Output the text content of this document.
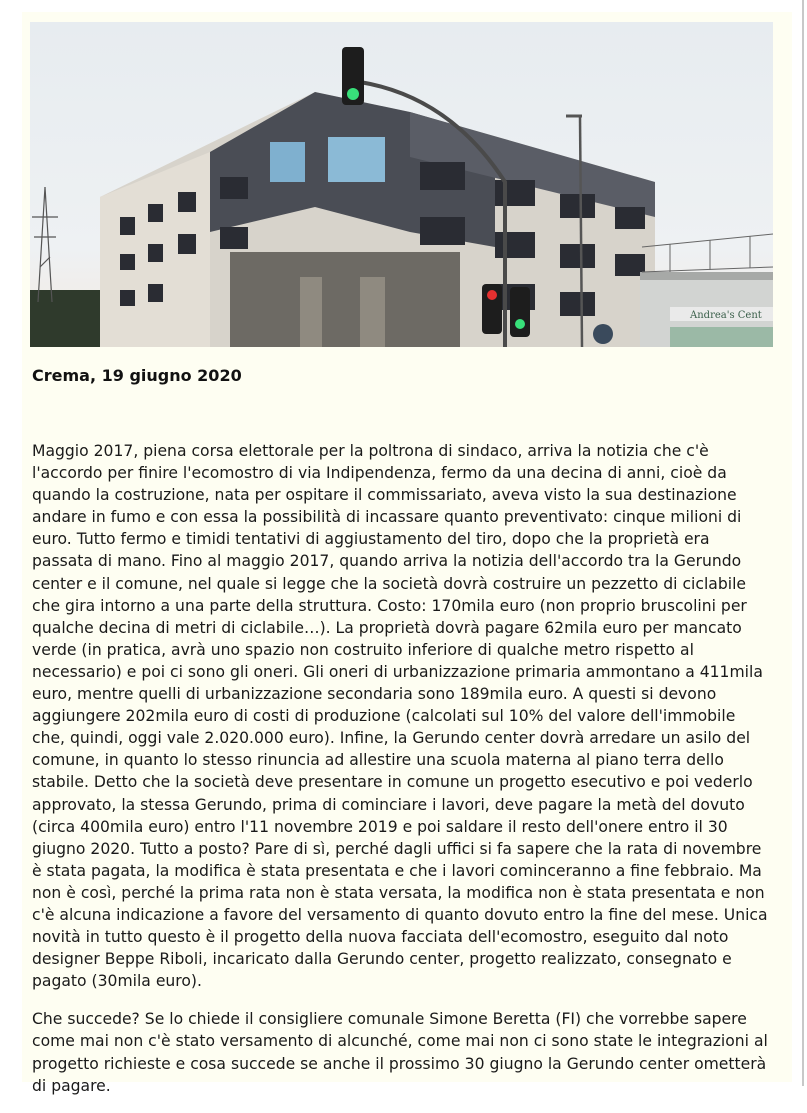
Andrea's Cent
Crema, 19 giugno 2020

Maggio 2017, piena corsa elettorale per la poltrona di sindaco, arriva la notizia che c'è l'accordo per finire l'ecomostro di via Indipendenza, fermo da una decina di anni, cioè da quando la costruzione, nata per ospitare il commissariato, aveva visto la sua destinazione andare in fumo e con essa la possibilità di incassare quanto preventivato: cinque milioni di euro. Tutto fermo e timidi tentativi di aggiustamento del tiro, dopo che la proprietà era passata di mano. Fino al maggio 2017, quando arriva la notizia dell'accordo tra la Gerundo center e il comune, nel quale si legge che la società dovrà costruire un pezzetto di ciclabile che gira intorno a una parte della struttura. Costo: 170mila euro (non proprio bruscolini per qualche decina di metri di ciclabile…). La proprietà dovrà pagare 62mila euro per mancato verde (in pratica, avrà uno spazio non costruito inferiore di qualche metro rispetto al necessario) e poi ci sono gli oneri. Gli oneri di urbanizzazione primaria ammontano a 411mila euro, mentre quelli di urbanizzazione secondaria sono 189mila euro. A questi si devono aggiungere 202mila euro di costi di produzione (calcolati sul 10% del valore dell'immobile che, quindi, oggi vale 2.020.000 euro). Infine, la Gerundo center dovrà arredare un asilo del comune, in quanto lo stesso rinuncia ad allestire una scuola materna al piano terra dello stabile. Detto che la società deve presentare in comune un progetto esecutivo e poi vederlo approvato, la stessa Gerundo, prima di cominciare i lavori, deve pagare la metà del dovuto (circa 400mila euro) entro l'11 novembre 2019 e poi saldare il resto dell'onere entro il 30 giugno 2020. Tutto a posto? Pare di sì, perché dagli uffici si fa sapere che la rata di novembre è stata pagata, la modifica è stata presentata e che i lavori cominceranno a fine febbraio. Ma non è così, perché la prima rata non è stata versata, la modifica non è stata presentata e non c'è alcuna indicazione a favore del versamento di quanto dovuto entro la fine del mese. Unica novità in tutto questo è il progetto della nuova facciata dell'ecomostro, eseguito dal noto designer Beppe Riboli, incaricato dalla Gerundo center, progetto realizzato, consegnato e pagato (30mila euro).

Che succede? Se lo chiede il consigliere comunale Simone Beretta (FI) che vorrebbe sapere come mai non c'è stato versamento di alcunché, come mai non ci sono state le integrazioni al progetto richieste e cosa succede se anche il prossimo 30 giugno la Gerundo center ometterà di pagare.
